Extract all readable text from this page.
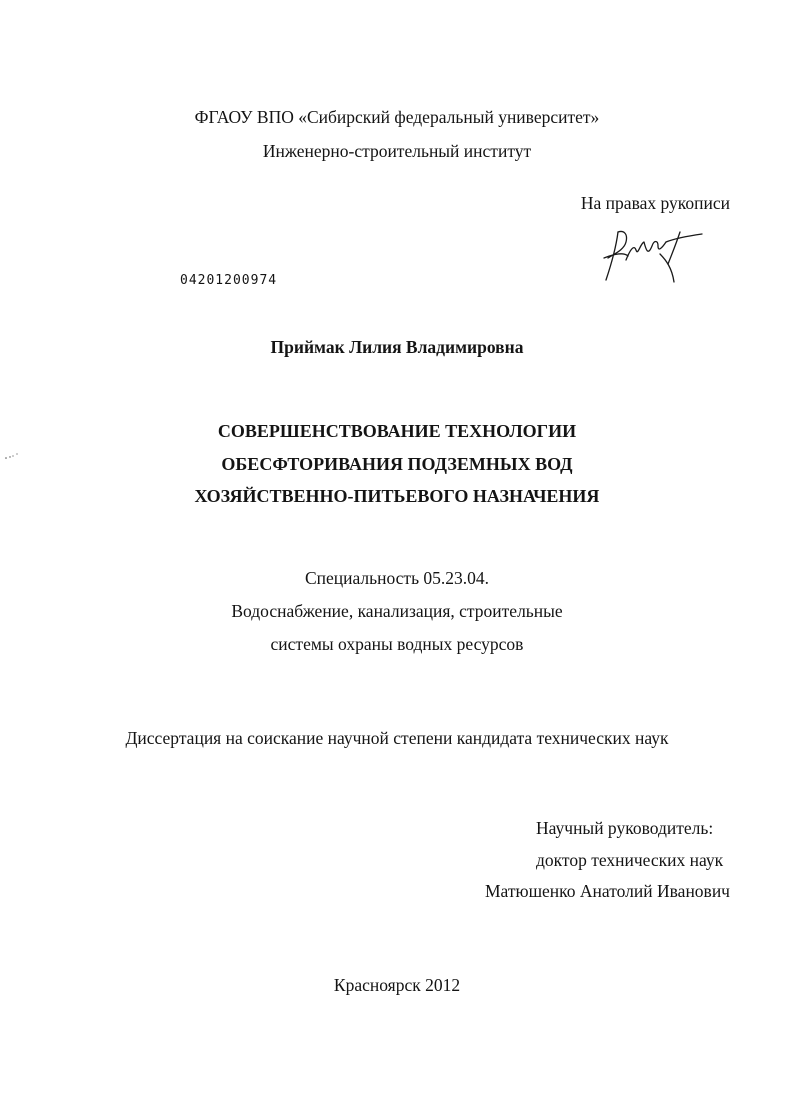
ФГАОУ ВПО «Сибирский федеральный университет»
Инженерно-строительный институт
На правах рукописи
04201200974
Приймак Лилия Владимировна
СОВЕРШЕНСТВОВАНИЕ ТЕХНОЛОГИИ
ОБЕСФТОРИВАНИЯ ПОДЗЕМНЫХ ВОД
ХОЗЯЙСТВЕННО-ПИТЬЕВОГО НАЗНАЧЕНИЯ
Специальность 05.23.04.
Водоснабжение, канализация, строительные
системы охраны водных ресурсов
Диссертация на соискание научной степени кандидата технических наук
Научный руководитель:
доктор технических наук
Матюшенко Анатолий Иванович
Красноярск 2012
